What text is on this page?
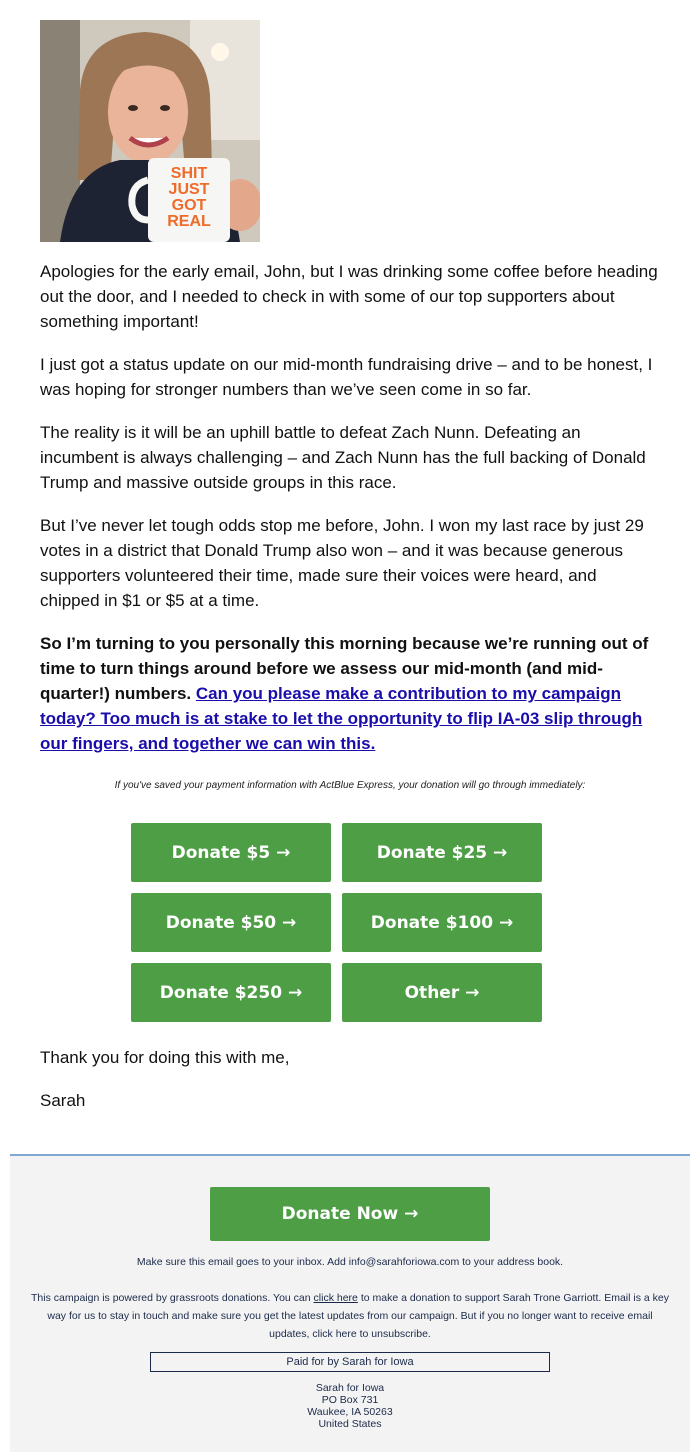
SHIT
JUST
GOT
REAL

Apologies for the early email, John, but I was drinking some coffee before heading out the door, and I needed to check in with some of our top supporters about something important!

I just got a status update on our mid-month fundraising drive – and to be honest, I was hoping for stronger numbers than we’ve seen come in so far.

The reality is it will be an uphill battle to defeat Zach Nunn. Defeating an incumbent is always challenging – and Zach Nunn has the full backing of Donald Trump and massive outside groups in this race.

But I’ve never let tough odds stop me before, John. I won my last race by just 29 votes in a district that Donald Trump also won – and it was because generous supporters volunteered their time, made sure their voices were heard, and chipped in $1 or $5 at a time.

So I’m turning to you personally this morning because we’re running out of time to turn things around before we assess our mid-month (and mid-quarter!) numbers. Can you please make a contribution to my campaign today? Too much is at stake to let the opportunity to flip IA-03 slip through our fingers, and together we can win this.

If you've saved your payment information with ActBlue Express, your donation will go through immediately:
Donate $5 →	Donate $25 →
Donate $50 →	Donate $100 →
Donate $250 →	Other →

Thank you for doing this with me,

Sarah

Donate Now →
Make sure this email goes to your inbox. Add info@sarahforiowa.com to your address book.
This campaign is powered by grassroots donations. You can click here to make a donation to support Sarah Trone Garriott. Email is a key way for us to stay in touch and make sure you get the latest updates from our campaign. But if you no longer want to receive email updates, click here to unsubscribe.
Paid for by Sarah for Iowa
Sarah for Iowa
PO Box 731
Waukee, IA 50263
United States
